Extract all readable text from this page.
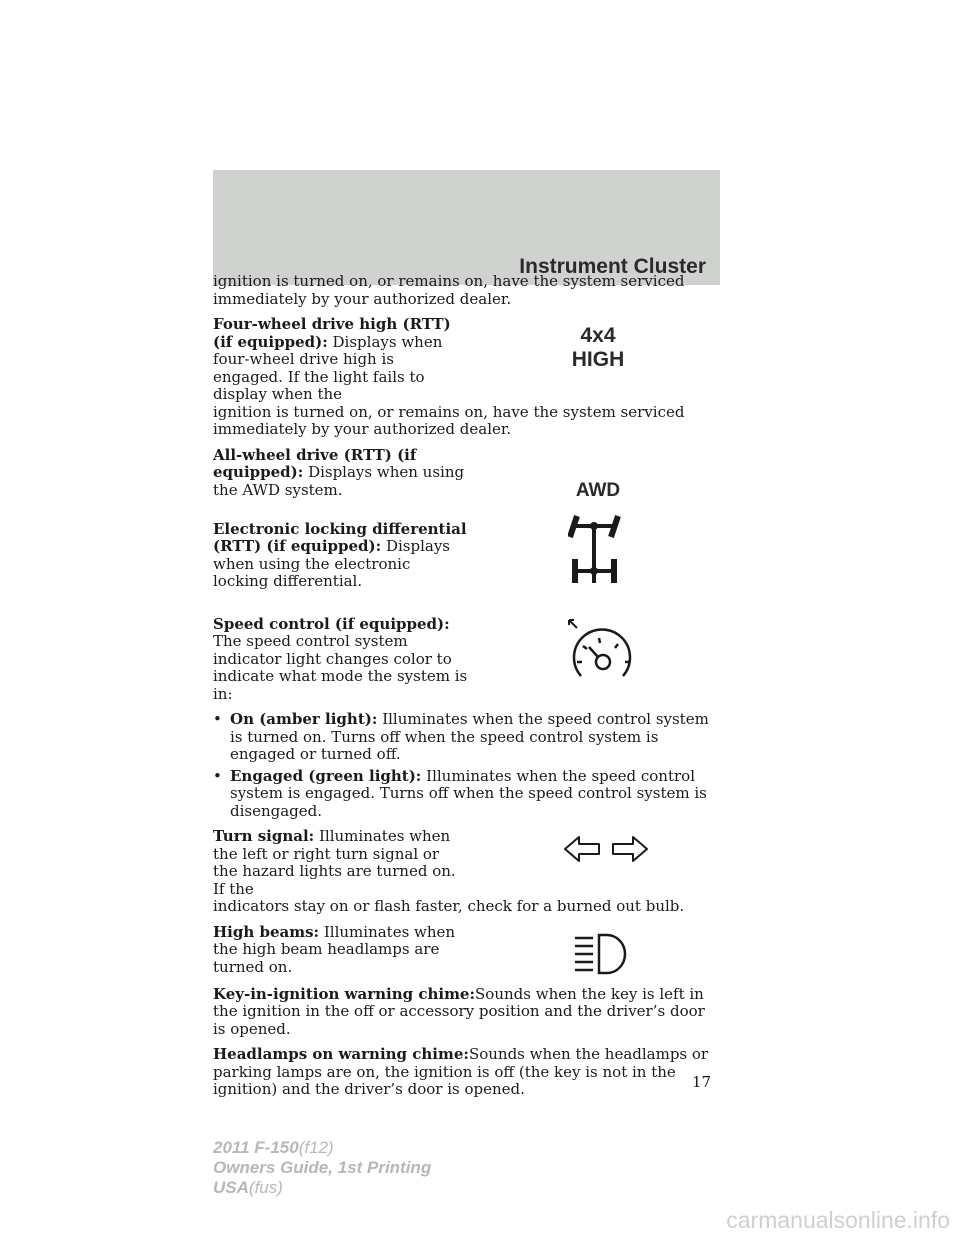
Instrument Cluster

ignition is turned on, or remains on, have the system serviced immediately by your authorized dealer.

Four-wheel drive high (RTT) (if equipped): Displays when four-wheel drive high is engaged. If the light fails to display when the
ignition is turned on, or remains on, have the system serviced immediately by your authorized dealer.

4x4
HIGH

All-wheel drive (RTT) (if equipped): Displays when using the AWD system.	AWD

Electronic locking differential (RTT) (if equipped): Displays when using the electronic locking differential.

Speed control (if equipped): The speed control system indicator light changes color to indicate what mode the system is in:

• On (amber light): Illuminates when the speed control system is turned on. Turns off when the speed control system is engaged or turned off.
• Engaged (green light): Illuminates when the speed control system is engaged. Turns off when the speed control system is disengaged.

Turn signal: Illuminates when the left or right turn signal or the hazard lights are turned on. If the
indicators stay on or flash faster, check for a burned out bulb.

High beams: Illuminates when the high beam headlamps are turned on.

Key-in-ignition warning chime:Sounds when the key is left in the ignition in the off or accessory position and the driver’s door is opened.

Headlamps on warning chime:Sounds when the headlamps or parking lamps are on, the ignition is off (the key is not in the ignition) and the driver’s door is opened.	17
2011 F-150(f12)
Owners Guide, 1st Printing
USA(fus)
carmanualsonline.info
